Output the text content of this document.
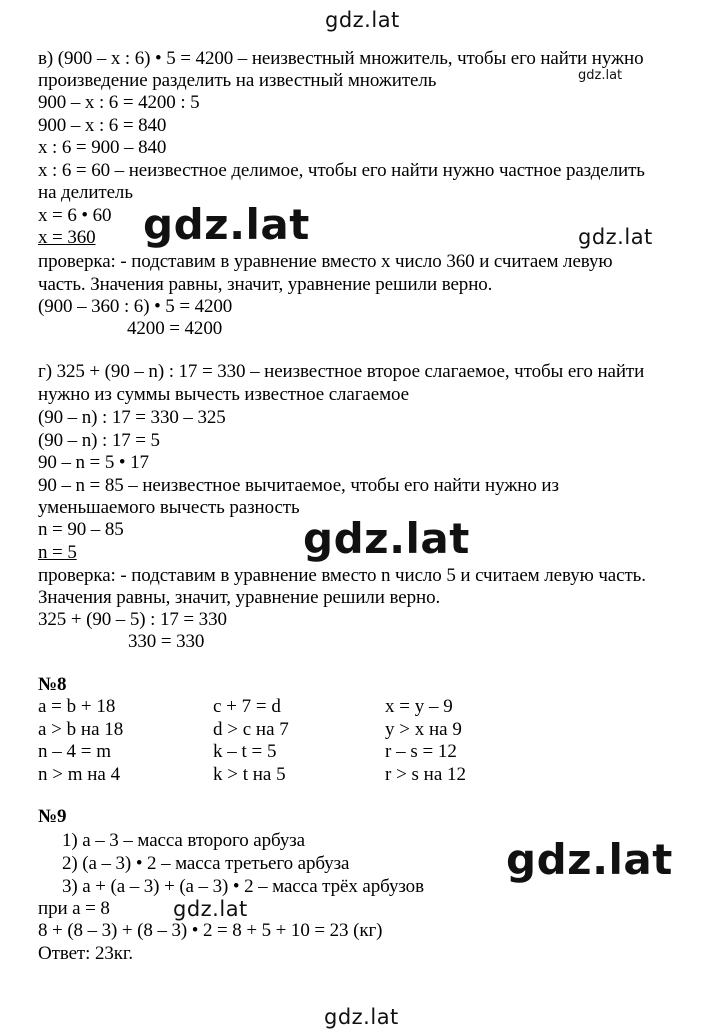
gdz.lat
gdz.lat
gdz.lat	gdz.lat
gdz.lat
gdz.lat
gdz.lat
gdz.lat
в) (900 – x : 6) • 5 = 4200 – неизвестный множитель, чтобы его найти нужно
произведение разделить на известный множитель
900 – x : 6 = 4200 : 5
900 – x : 6 = 840
x : 6 = 900 – 840
x : 6 = 60 – неизвестное делимое, чтобы его найти нужно частное разделить
на делитель
x = 6 • 60
x = 360
проверка: - подставим в уравнение вместо x число 360 и считаем левую
часть. Значения равны, значит, уравнение решили верно.
(900 – 360 : 6) • 5 = 4200
4200 = 4200
г) 325 + (90 – n) : 17 = 330 – неизвестное второе слагаемое, чтобы его найти
нужно из суммы вычесть известное слагаемое
(90 – n) : 17 = 330 – 325
(90 – n) : 17 = 5
90 – n = 5 • 17
90 – n = 85 – неизвестное вычитаемое, чтобы его найти нужно из
уменьшаемого вычесть разность
n = 90 – 85
n = 5
проверка: - подставим в уравнение вместо n число 5 и считаем левую часть.
Значения равны, значит, уравнение решили верно.
325 + (90 – 5) : 17 = 330
330 = 330
№8
a = b + 18	c + 7 = d	x = y – 9
a > b на 18	d > c на 7	y > x на 9
n – 4 = m	k – t = 5	r – s = 12
n > m на 4	k > t на 5	r > s на 12
№9
1) a – 3 – масса второго арбуза
2) (a – 3) • 2 – масса третьего арбуза
3) a + (a – 3) + (a – 3) • 2 – масса трёх арбузов
при a = 8
8 + (8 – 3) + (8 – 3) • 2 = 8 + 5 + 10 = 23 (кг)
Ответ: 23кг.
